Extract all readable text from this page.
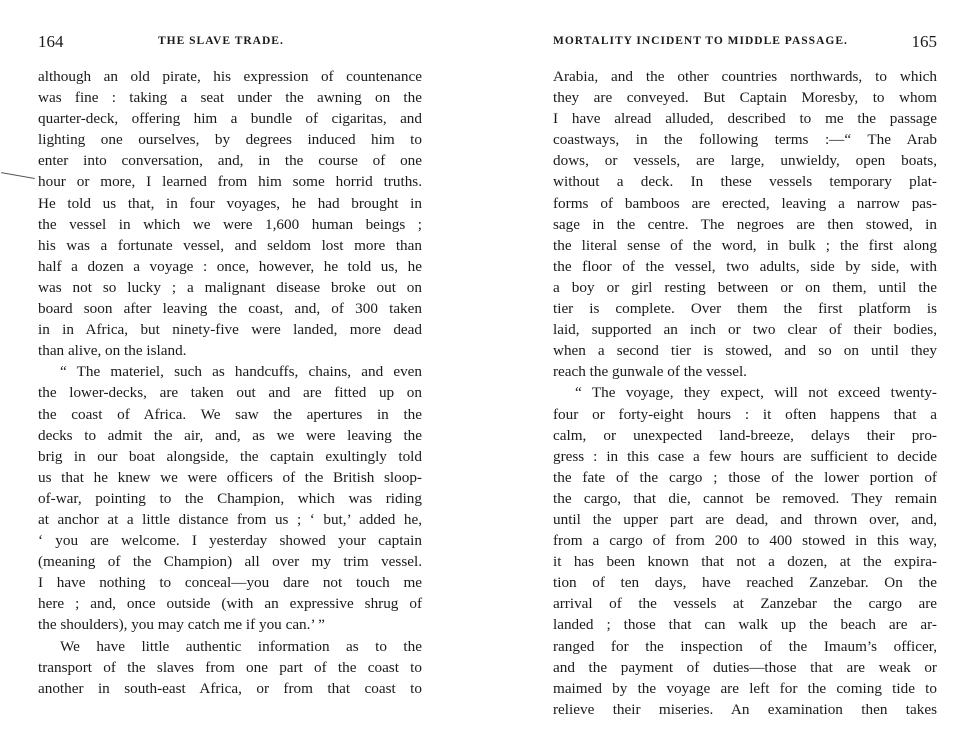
164	THE SLAVE TRADE.
although an old pirate, his expression of countenance
was fine : taking a seat under the awning on the
quarter-deck, offering him a bundle of cigaritas, and
lighting one ourselves, by degrees induced him to
enter into conversation, and, in the course of one
hour or more, I learned from him some horrid truths.
He told us that, in four voyages, he had brought in
the vessel in which we were 1,600 human beings ;
his was a fortunate vessel, and seldom lost more than
half a dozen a voyage : once, however, he told us, he
was not so lucky ; a malignant disease broke out on
board soon after leaving the coast, and, of 300 taken
in in Africa, but ninety-five were landed, more dead
than alive, on the island.
“ The materiel, such as handcuffs, chains, and even
the lower-decks, are taken out and are fitted up on
the coast of Africa. We saw the apertures in the
decks to admit the air, and, as we were leaving the
brig in our boat alongside, the captain exultingly told
us that he knew we were officers of the British sloop-
of-war, pointing to the Champion, which was riding
at anchor at a little distance from us ; ‘ but,’ added he,
‘ you are welcome. I yesterday showed your captain
(meaning of the Champion) all over my trim vessel.
I have nothing to conceal—you dare not touch me
here ; and, once outside (with an expressive shrug of
the shoulders), you may catch me if you can.’ ”
We have little authentic information as to the
transport of the slaves from one part of the coast to
another in south-east Africa, or from that coast to
MORTALITY INCIDENT TO MIDDLE PASSAGE.	165
Arabia, and the other countries northwards, to which
they are conveyed. But Captain Moresby, to whom
I have alread alluded, described to me the passage
coastways, in the following terms :—“ The Arab
dows, or vessels, are large, unwieldy, open boats,
without a deck. In these vessels temporary plat-
forms of bamboos are erected, leaving a narrow pas-
sage in the centre. The negroes are then stowed, in
the literal sense of the word, in bulk ; the first along
the floor of the vessel, two adults, side by side, with
a boy or girl resting between or on them, until the
tier is complete. Over them the first platform is
laid, supported an inch or two clear of their bodies,
when a second tier is stowed, and so on until they
reach the gunwale of the vessel.
“ The voyage, they expect, will not exceed twenty-
four or forty-eight hours : it often happens that a
calm, or unexpected land-breeze, delays their pro-
gress : in this case a few hours are sufficient to decide
the fate of the cargo ; those of the lower portion of
the cargo, that die, cannot be removed. They remain
until the upper part are dead, and thrown over, and,
from a cargo of from 200 to 400 stowed in this way,
it has been known that not a dozen, at the expira-
tion of ten days, have reached Zanzebar. On the
arrival of the vessels at Zanzebar the cargo are
landed ; those that can walk up the beach are ar-
ranged for the inspection of the Imaum’s officer,
and the payment of duties—those that are weak or
maimed by the voyage are left for the coming tide to
relieve their miseries. An examination then takes
